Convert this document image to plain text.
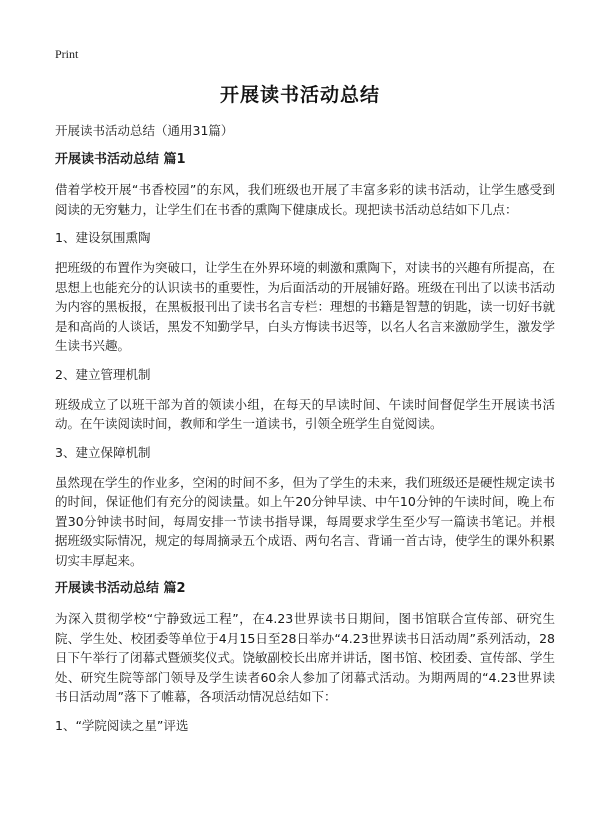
Print
开展读书活动总结
开展读书活动总结（通用31篇）
开展读书活动总结 篇1
借着学校开展“书香校园”的东风，我们班级也开展了丰富多彩的读书活动，让学生感受到阅读的无穷魅力，让学生们在书香的熏陶下健康成长。现把读书活动总结如下几点：
1、建设氛围熏陶
把班级的布置作为突破口，让学生在外界环境的刺激和熏陶下，对读书的兴趣有所提高，在思想上也能充分的认识读书的重要性，为后面活动的开展铺好路。班级在刊出了以读书活动为内容的黑板报，在黑板报刊出了读书名言专栏：理想的书籍是智慧的钥匙，读一切好书就是和高尚的人谈话，黑发不知勤学早，白头方悔读书迟等，以名人名言来激励学生，激发学生读书兴趣。
2、建立管理机制
班级成立了以班干部为首的领读小组，在每天的早读时间、午读时间督促学生开展读书活动。在午读阅读时间，教师和学生一道读书，引领全班学生自觉阅读。
3、建立保障机制
虽然现在学生的作业多，空闲的时间不多，但为了学生的未来，我们班级还是硬性规定读书的时间，保证他们有充分的阅读量。如上午20分钟早读、中午10分钟的午读时间，晚上布置30分钟读书时间，每周安排一节读书指导课，每周要求学生至少写一篇读书笔记。并根据班级实际情况，规定的每周摘录五个成语、两句名言、背诵一首古诗，使学生的课外积累切实丰厚起来。
开展读书活动总结 篇2
为深入贯彻学校“宁静致远工程”，在4.23世界读书日期间，图书馆联合宣传部、研究生院、学生处、校团委等单位于4月15日至28日举办“4.23世界读书日活动周”系列活动，28日下午举行了闭幕式暨颁奖仪式。饶敏副校长出席并讲话，图书馆、校团委、宣传部、学生处、研究生院等部门领导及学生读者60余人参加了闭幕式活动。为期两周的“4.23世界读书日活动周”落下了帷幕，各项活动情况总结如下：
1、“学院阅读之星”评选
